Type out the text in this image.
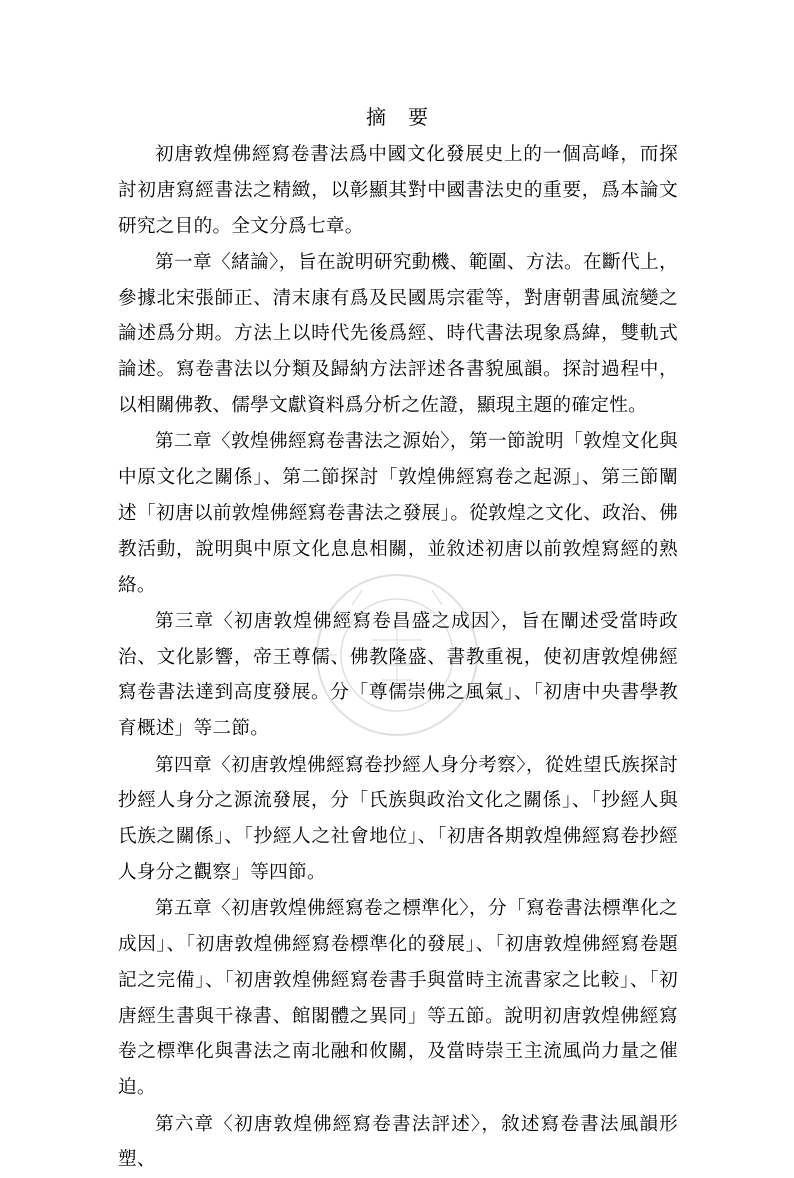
摘要

初唐敦煌佛經寫卷書法爲中國文化發展史上的一個高峰，而探討初唐寫經書法之精緻，以彰顯其對中國書法史的重要，爲本論文研究之目的。全文分爲七章。

第一章〈緒論〉，旨在說明研究動機、範圍、方法。在斷代上，參據北宋張師正、清末康有爲及民國馬宗霍等，對唐朝書風流變之論述爲分期。方法上以時代先後爲經、時代書法現象爲緯，雙軌式論述。寫卷書法以分類及歸納方法評述各書貌風韻。探討過程中，以相關佛教、儒學文獻資料爲分析之佐證，顯現主題的確定性。

第二章〈敦煌佛經寫卷書法之源始〉，第一節說明「敦煌文化與中原文化之關係」、第二節探討「敦煌佛經寫卷之起源」、第三節闡述「初唐以前敦煌佛經寫卷書法之發展」。從敦煌之文化、政治、佛教活動，說明與中原文化息息相關，並敘述初唐以前敦煌寫經的熟絡。

第三章〈初唐敦煌佛經寫卷昌盛之成因〉，旨在闡述受當時政治、文化影響，帝王尊儒、佛教隆盛、書教重視，使初唐敦煌佛經寫卷書法達到高度發展。分「尊儒崇佛之風氣」、「初唐中央書學教育概述」等二節。

第四章〈初唐敦煌佛經寫卷抄經人身分考察〉，從姓望氏族探討抄經人身分之源流發展，分「氏族與政治文化之關係」、「抄經人與氏族之關係」、「抄經人之社會地位」、「初唐各期敦煌佛經寫卷抄經人身分之觀察」等四節。

第五章〈初唐敦煌佛經寫卷之標準化〉，分「寫卷書法標準化之成因」、「初唐敦煌佛經寫卷標準化的發展」、「初唐敦煌佛經寫卷題記之完備」、「初唐敦煌佛經寫卷書手與當時主流書家之比較」、「初唐經生書與干祿書、館閣體之異同」等五節。說明初唐敦煌佛經寫卷之標準化與書法之南北融和攸關，及當時崇王主流風尚力量之催迫。

第六章〈初唐敦煌佛經寫卷書法評述〉，敘述寫卷書法風韻形塑、
